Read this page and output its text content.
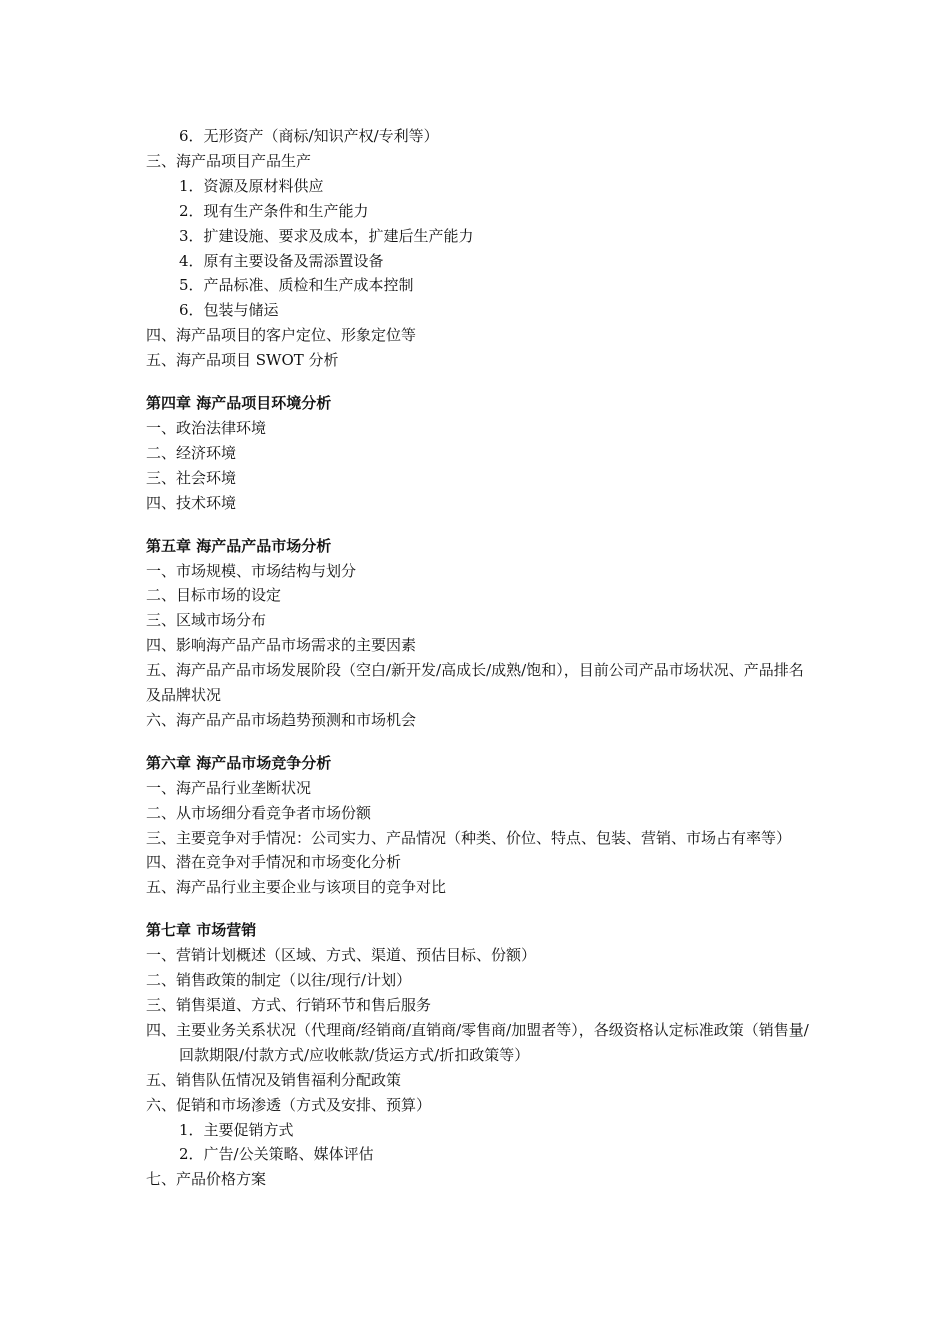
6．无形资产（商标/知识产权/专利等）
三、海产品项目产品生产
1．资源及原材料供应
2．现有生产条件和生产能力
3．扩建设施、要求及成本，扩建后生产能力
4．原有主要设备及需添置设备
5．产品标准、质检和生产成本控制
6．包装与储运
四、海产品项目的客户定位、形象定位等
五、海产品项目 SWOT 分析
第四章 海产品项目环境分析
一、政治法律环境
二、经济环境
三、社会环境
四、技术环境
第五章 海产品产品市场分析
一、市场规模、市场结构与划分
二、目标市场的设定
三、区域市场分布
四、影响海产品产品市场需求的主要因素
五、海产品产品市场发展阶段（空白/新开发/高成长/成熟/饱和），目前公司产品市场状况、产品排名及品牌状况
六、海产品产品市场趋势预测和市场机会
第六章 海产品市场竞争分析
一、海产品行业垄断状况
二、从市场细分看竞争者市场份额
三、主要竞争对手情况：公司实力、产品情况（种类、价位、特点、包装、营销、市场占有率等）
四、潜在竞争对手情况和市场变化分析
五、海产品行业主要企业与该项目的竞争对比
第七章 市场营销
一、营销计划概述（区域、方式、渠道、预估目标、份额）
二、销售政策的制定（以往/现行/计划）
三、销售渠道、方式、行销环节和售后服务
四、主要业务关系状况（代理商/经销商/直销商/零售商/加盟者等），各级资格认定标准政策（销售量/回款期限/付款方式/应收帐款/货运方式/折扣政策等）
五、销售队伍情况及销售福利分配政策
六、促销和市场渗透（方式及安排、预算）
1．主要促销方式
2．广告/公关策略、媒体评估
七、产品价格方案
